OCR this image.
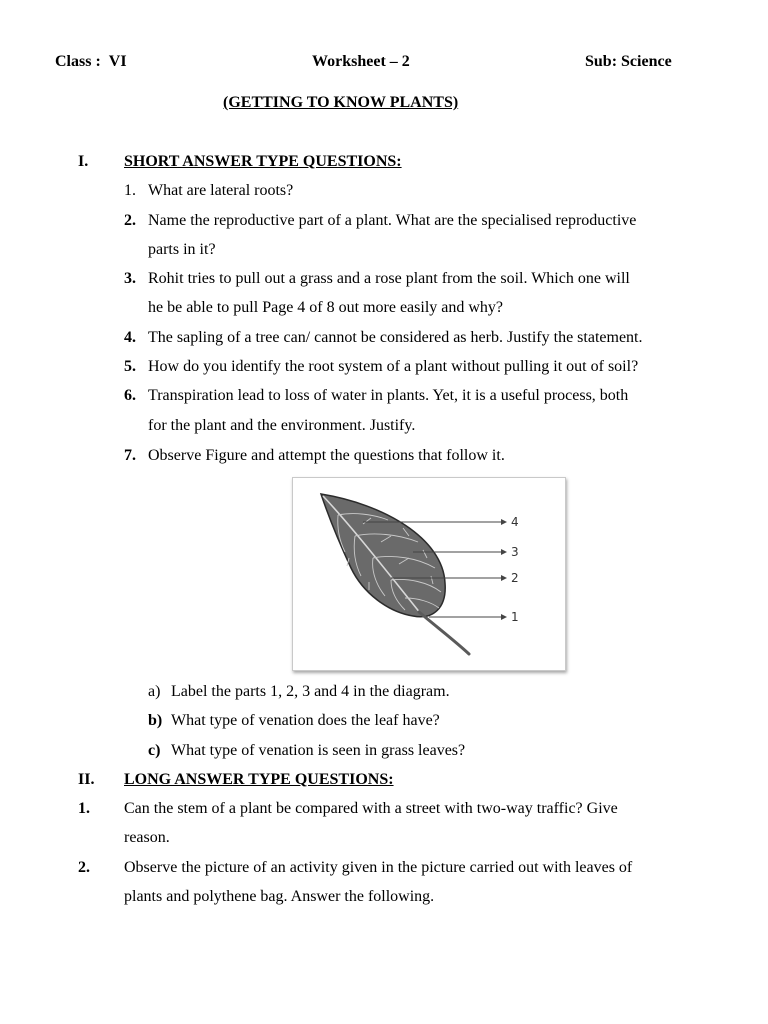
Class : VI	Worksheet – 2	Sub: Science
(GETTING TO KNOW PLANTS)
I. SHORT ANSWER TYPE QUESTIONS:
1. What are lateral roots?
2. Name the reproductive part of a plant. What are the specialised reproductive
parts in it?
3. Rohit tries to pull out a grass and a rose plant from the soil. Which one will
he be able to pull Page 4 of 8 out more easily and why?
4. The sapling of a tree can/ cannot be considered as herb. Justify the statement.
5. How do you identify the root system of a plant without pulling it out of soil?
6. Transpiration lead to loss of water in plants. Yet, it is a useful process, both
for the plant and the environment. Justify.
7. Observe Figure and attempt the questions that follow it.
4
3
2
1
a) Label the parts 1, 2, 3 and 4 in the diagram.
b) What type of venation does the leaf have?
c) What type of venation is seen in grass leaves?
II. LONG ANSWER TYPE QUESTIONS:
1. Can the stem of a plant be compared with a street with two-way traffic? Give
reason.
2. Observe the picture of an activity given in the picture carried out with leaves of
plants and polythene bag. Answer the following.
